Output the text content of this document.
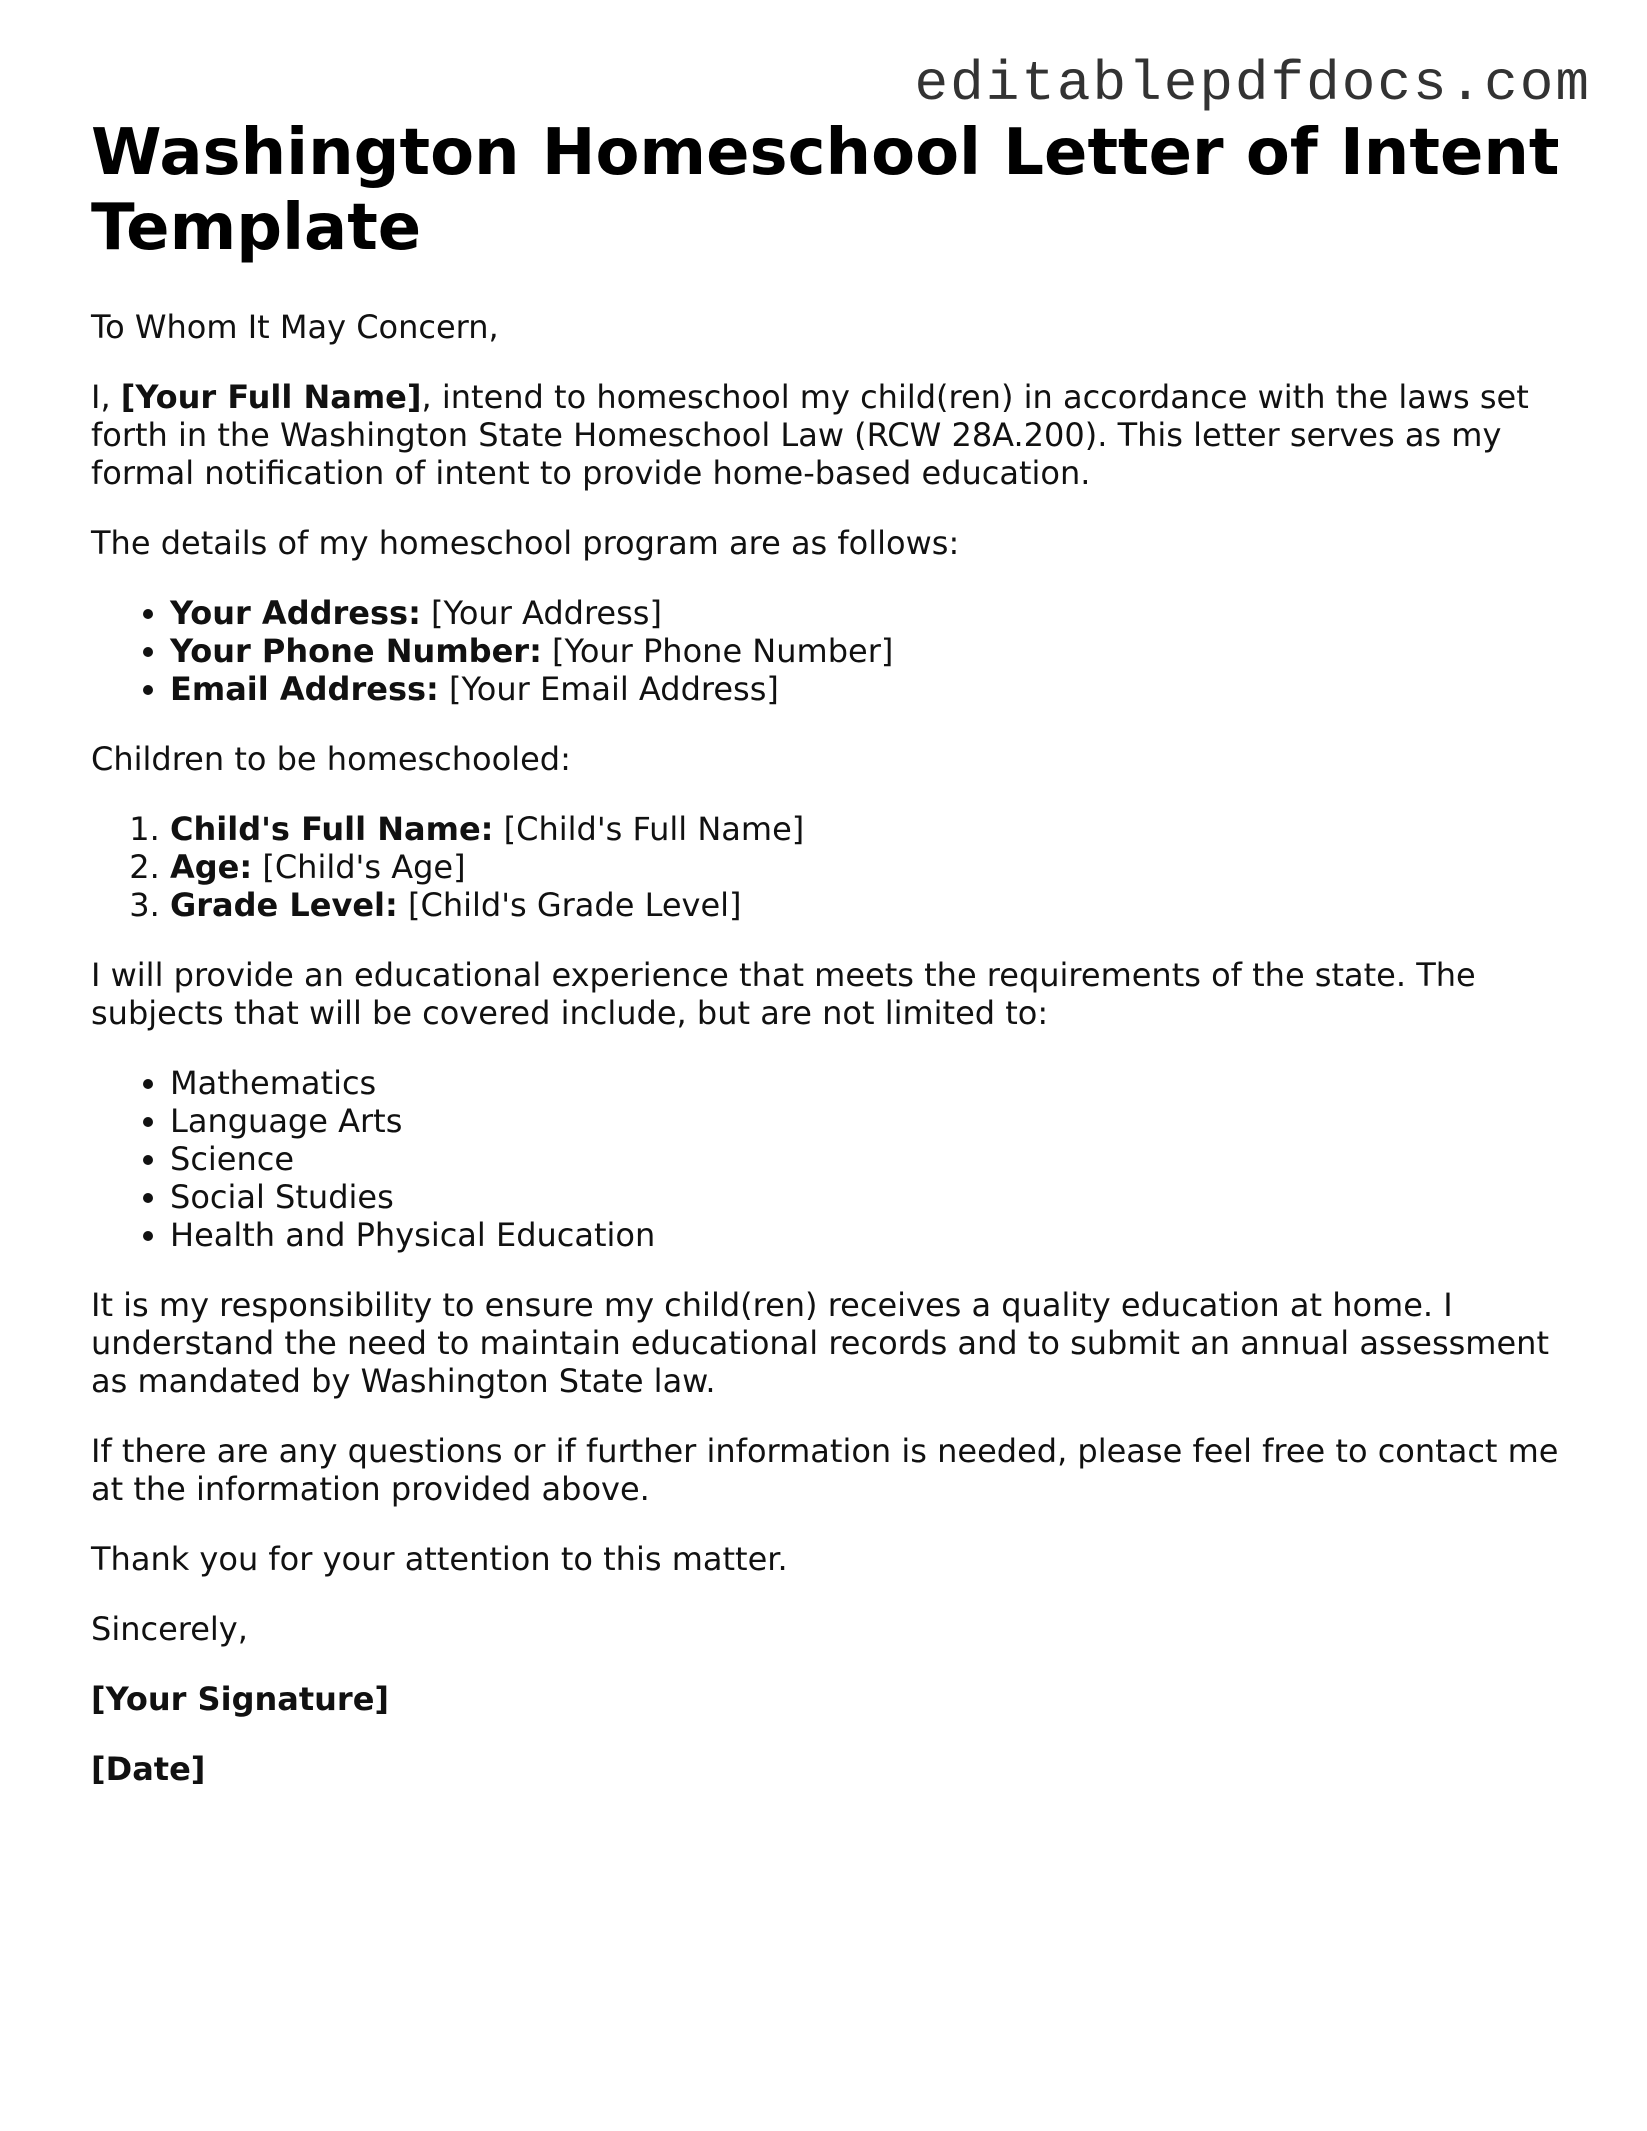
editablepdfdocs.com
Washington Homeschool Letter of Intent Template

To Whom It May Concern,

I, [Your Full Name], intend to homeschool my child(ren) in accordance with the laws set forth in the Washington State Homeschool Law (RCW 28A.200). This letter serves as my formal notification of intent to provide home-based education.

The details of my homeschool program are as follows:

• Your Address: [Your Address]
• Your Phone Number: [Your Phone Number]
• Email Address: [Your Email Address]

Children to be homeschooled:

1. Child's Full Name: [Child's Full Name]
2. Age: [Child's Age]
3. Grade Level: [Child's Grade Level]

I will provide an educational experience that meets the requirements of the state. The subjects that will be covered include, but are not limited to:

• Mathematics
• Language Arts
• Science
• Social Studies
• Health and Physical Education

It is my responsibility to ensure my child(ren) receives a quality education at home. I understand the need to maintain educational records and to submit an annual assessment as mandated by Washington State law.

If there are any questions or if further information is needed, please feel free to contact me at the information provided above.

Thank you for your attention to this matter.

Sincerely,

[Your Signature]

[Date]
